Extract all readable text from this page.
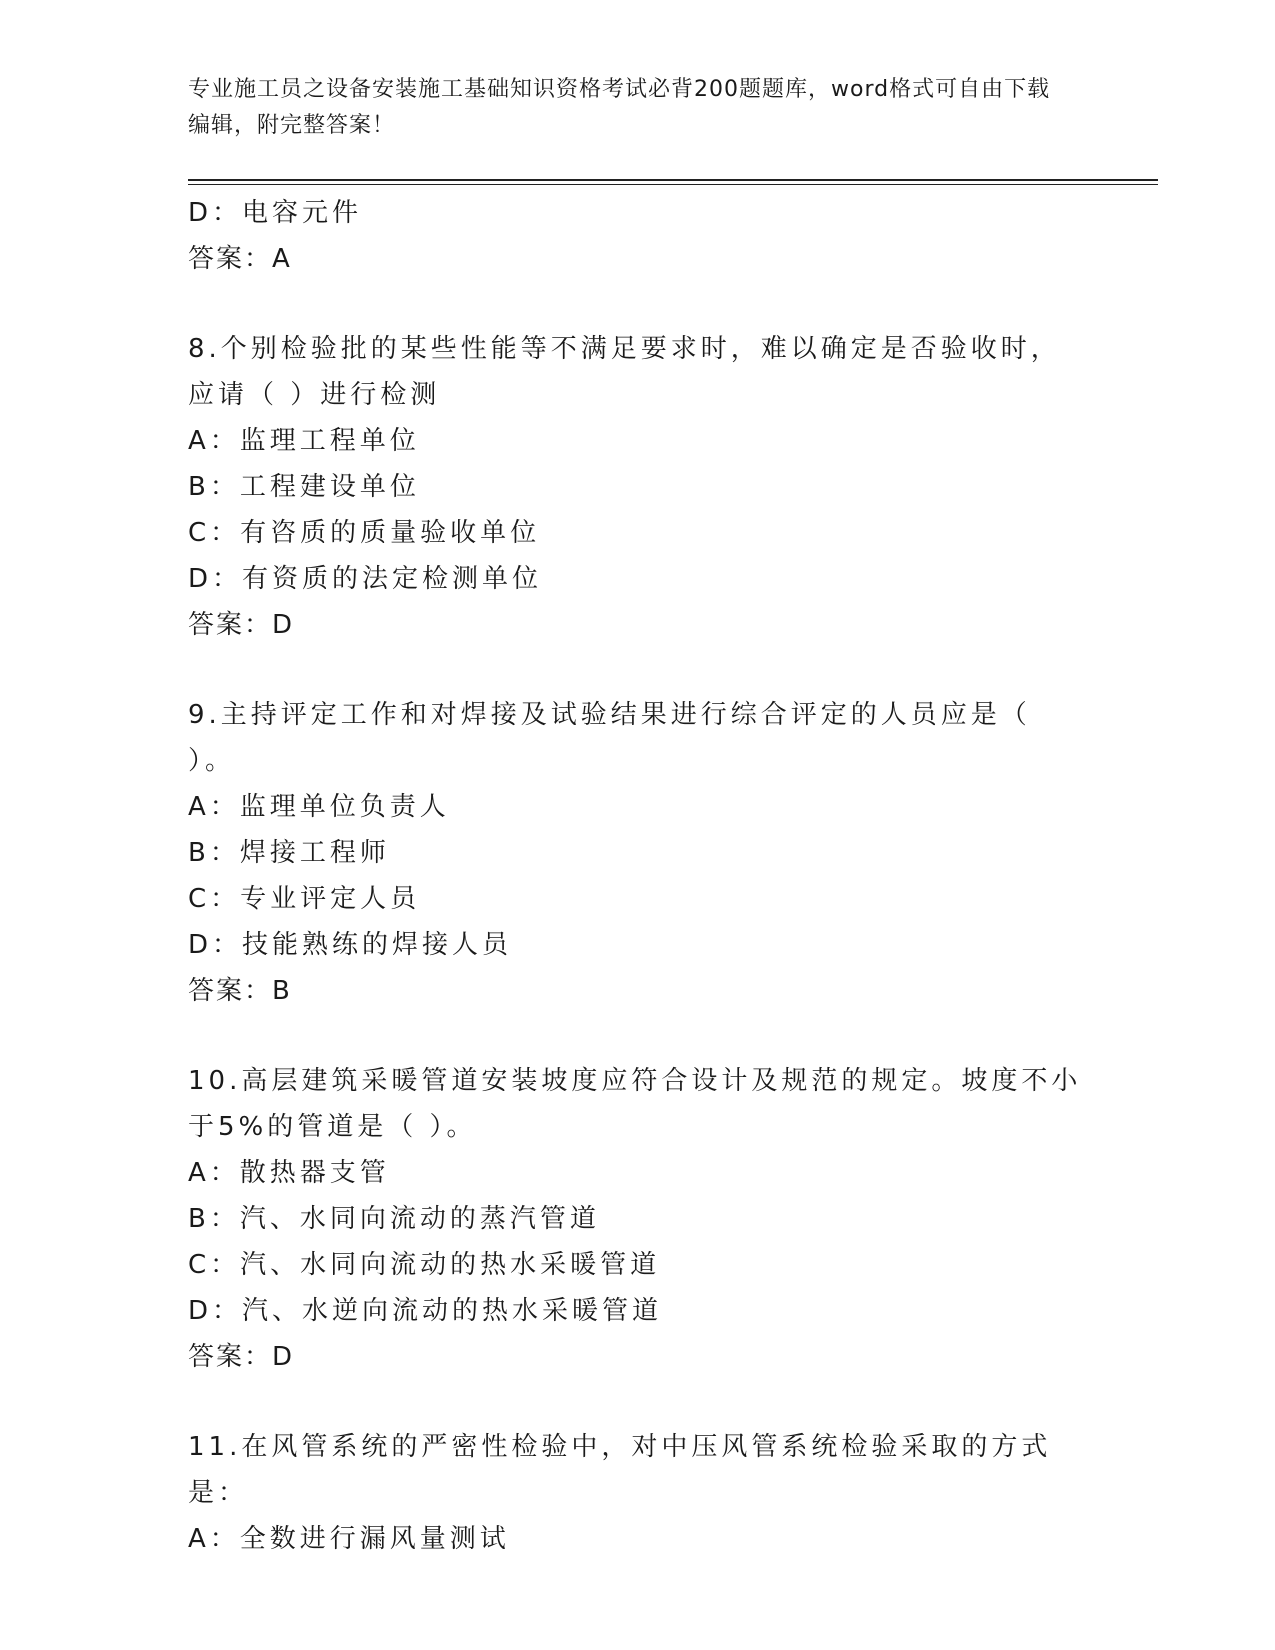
专业施工员之设备安装施工基础知识资格考试必背200题题库，word格式可自由下载编辑，附完整答案！

D：电容元件

答案：A

8.个别检验批的某些性能等不满足要求时，难以确定是否验收时，应请（ ）进行检测

A：监理工程单位

B：工程建设单位

C：有咨质的质量验收单位

D：有资质的法定检测单位

答案：D

9.主持评定工作和对焊接及试验结果进行综合评定的人员应是（ ）。

A：监理单位负责人

B：焊接工程师

C：专业评定人员

D：技能熟练的焊接人员

答案：B

10.高层建筑采暖管道安装坡度应符合设计及规范的规定。坡度不小于5%的管道是（ ）。

A：散热器支管

B：汽、水同向流动的蒸汽管道

C：汽、水同向流动的热水采暖管道

D：汽、水逆向流动的热水采暖管道

答案：D

11.在风管系统的严密性检验中，对中压风管系统检验采取的方式是：

A：全数进行漏风量测试
